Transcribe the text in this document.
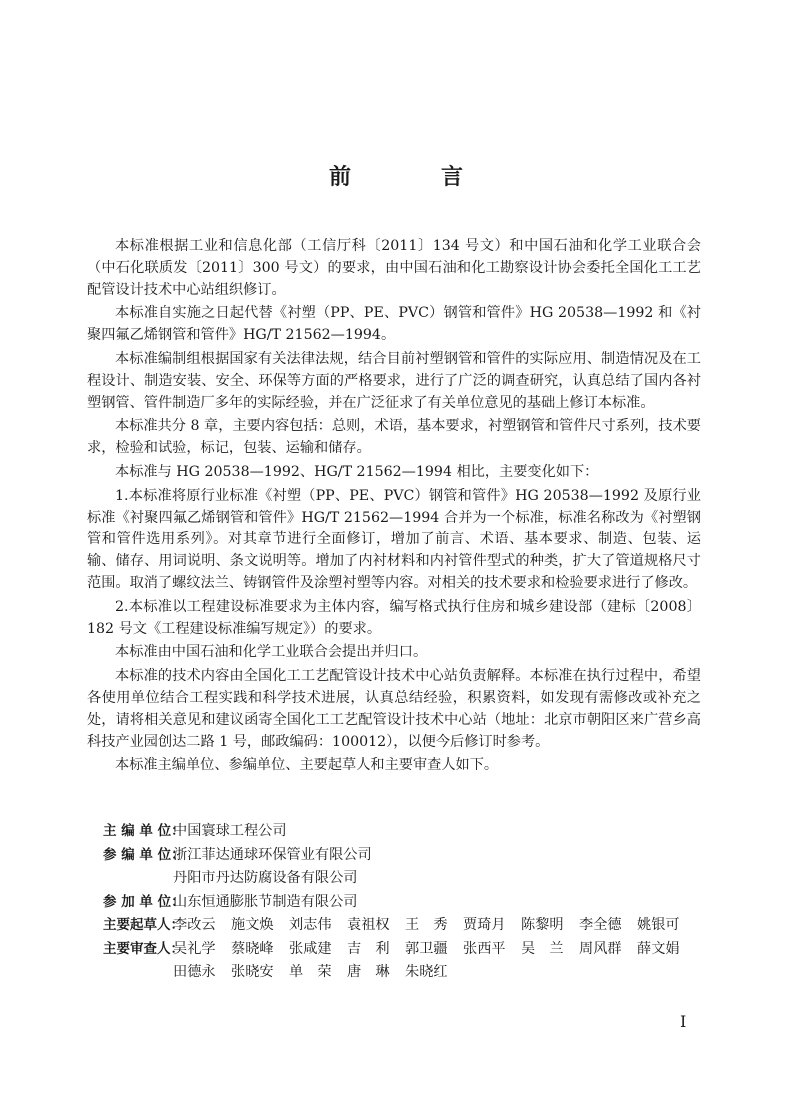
前　言

本标准根据工业和信息化部（工信厅科〔2011〕134 号文）和中国石油和化学工业联合会（中石化联质发〔2011〕300 号文）的要求，由中国石油和化工勘察设计协会委托全国化工工艺配管设计技术中心站组织修订。

本标准自实施之日起代替《衬塑（PP、PE、PVC）钢管和管件》HG 20538—1992 和《衬聚四氟乙烯钢管和管件》HG/T 21562—1994。

本标准编制组根据国家有关法律法规，结合目前衬塑钢管和管件的实际应用、制造情况及在工程设计、制造安装、安全、环保等方面的严格要求，进行了广泛的调查研究，认真总结了国内各衬塑钢管、管件制造厂多年的实际经验，并在广泛征求了有关单位意见的基础上修订本标准。

本标准共分 8 章，主要内容包括：总则，术语，基本要求，衬塑钢管和管件尺寸系列，技术要求，检验和试验，标记，包装、运输和储存。

本标准与 HG 20538—1992、HG/T 21562—1994 相比，主要变化如下：

1.本标准将原行业标准《衬塑（PP、PE、PVC）钢管和管件》HG 20538—1992 及原行业标准《衬聚四氟乙烯钢管和管件》HG/T 21562—1994 合并为一个标准，标准名称改为《衬塑钢管和管件选用系列》。对其章节进行全面修订，增加了前言、术语、基本要求、制造、包装、运输、储存、用词说明、条文说明等。增加了内衬材料和内衬管件型式的种类，扩大了管道规格尺寸范围。取消了螺纹法兰、铸钢管件及涂塑衬塑等内容。对相关的技术要求和检验要求进行了修改。

2.本标准以工程建设标准要求为主体内容，编写格式执行住房和城乡建设部（建标〔2008〕182 号文《工程建设标准编写规定》）的要求。

本标准由中国石油和化学工业联合会提出并归口。

本标准的技术内容由全国化工工艺配管设计技术中心站负责解释。本标准在执行过程中，希望各使用单位结合工程实践和科学技术进展，认真总结经验，积累资料，如发现有需修改或补充之处，请将相关意见和建议函寄全国化工工艺配管设计技术中心站（地址：北京市朝阳区来广营乡高科技产业园创达二路 1 号，邮政编码：100012），以便今后修订时参考。

本标准主编单位、参编单位、主要起草人和主要审查人如下。

主 编 单 位：
中国寰球工程公司
参 编 单 位：
浙江菲达通球环保管业有限公司
丹阳市丹达防腐设备有限公司
参 加 单 位：
山东恒通膨胀节制造有限公司
主要起草人：
李改云	施文焕	刘志伟	袁祖权	王　秀	贾琦月	陈黎明	李全德	姚银可
主要审查人：
吴礼学	蔡晓峰	张咸建	吉　利	郭卫疆	张西平	吴　兰	周风群	薛文娟
田德永	张晓安	单　荣	唐　琳	朱晓红
I
